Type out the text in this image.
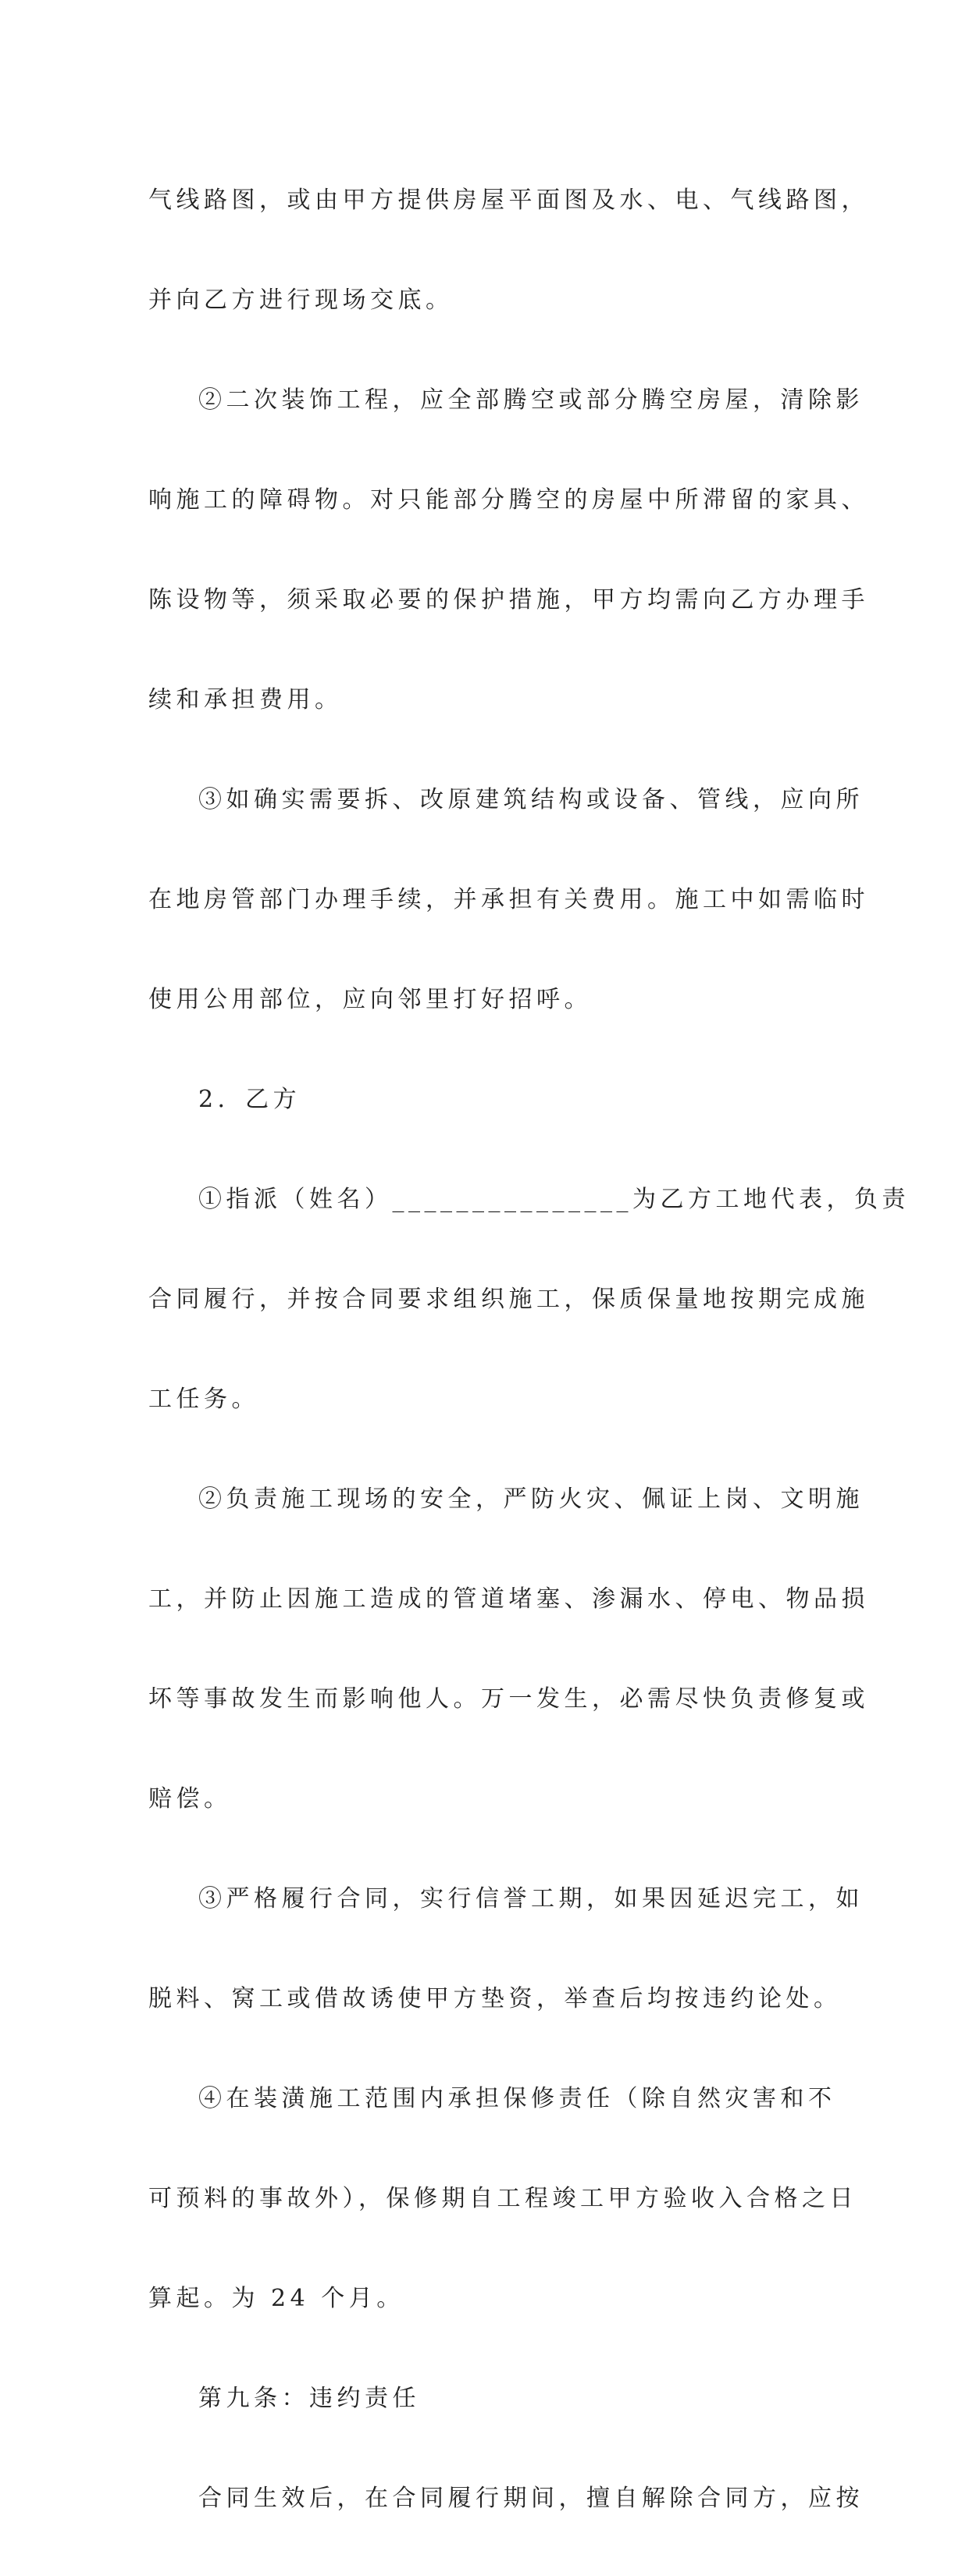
气线路图，或由甲方提供房屋平面图及水、电、气线路图，

并向乙方进行现场交底。

②二次装饰工程，应全部腾空或部分腾空房屋，清除影

响施工的障碍物。对只能部分腾空的房屋中所滞留的家具、

陈设物等，须采取必要的保护措施，甲方均需向乙方办理手

续和承担费用。

③如确实需要拆、改原建筑结构或设备、管线，应向所

在地房管部门办理手续，并承担有关费用。施工中如需临时

使用公用部位，应向邻里打好招呼。

2．乙方

①指派（姓名）_______________为乙方工地代表，负责

合同履行，并按合同要求组织施工，保质保量地按期完成施

工任务。

②负责施工现场的安全，严防火灾、佩证上岗、文明施

工，并防止因施工造成的管道堵塞、渗漏水、停电、物品损

坏等事故发生而影响他人。万一发生，必需尽快负责修复或

赔偿。

③严格履行合同，实行信誉工期，如果因延迟完工，如

脱料、窝工或借故诱使甲方垫资，举查后均按违约论处。

④在装潢施工范围内承担保修责任（除自然灾害和不

可预料的事故外），保修期自工程竣工甲方验收入合格之日

算起。为 24 个月。

第九条：违约责任

合同生效后，在合同履行期间，擅自解除合同方，应按
